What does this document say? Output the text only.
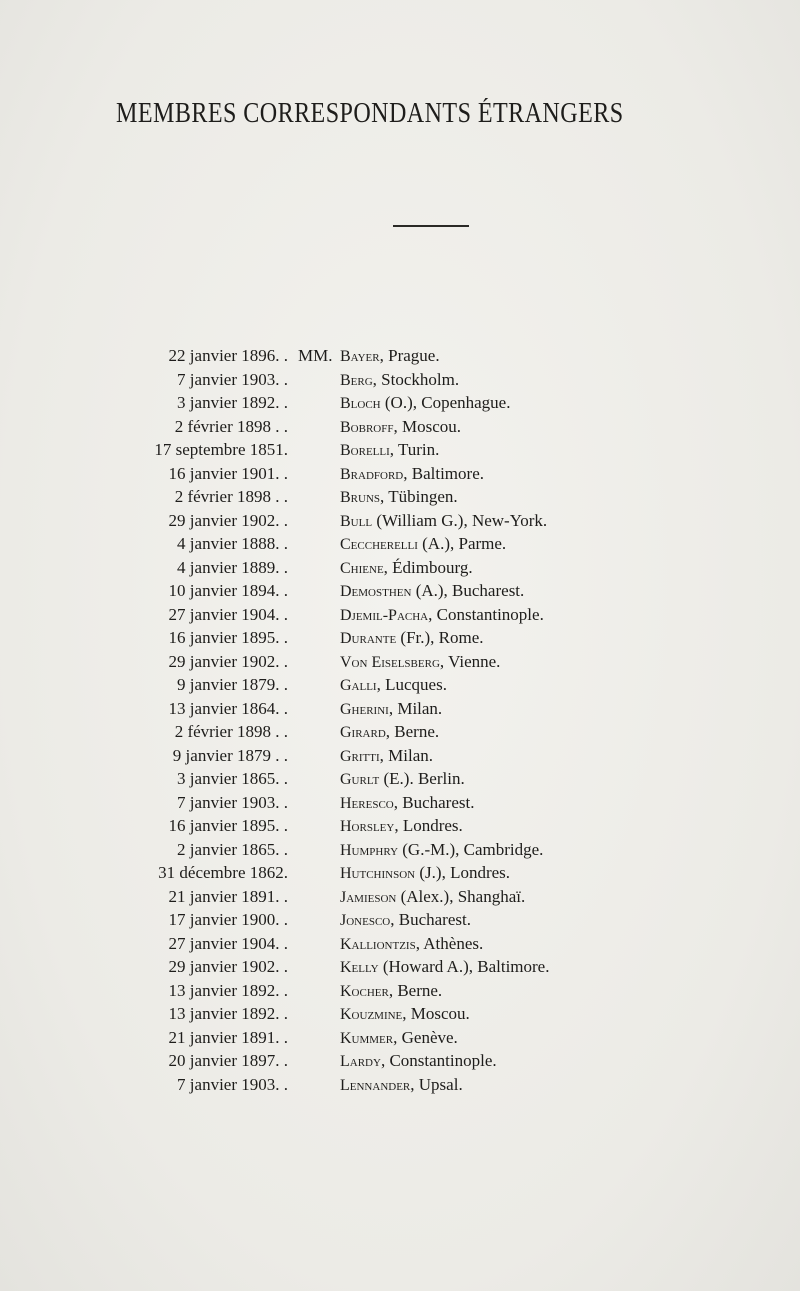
MEMBRES CORRESPONDANTS ÉTRANGERS
22 janvier 1896. . MM. Bayer, Prague.
7 janvier 1903. .	Berg, Stockholm.
3 janvier 1892. .	Bloch (O.), Copenhague.
2 février 1898 . .	Bobroff, Moscou.
17 septembre 1851.	Borelli, Turin.
16 janvier 1901. .	Bradford, Baltimore.
2 février 1898 . .	Bruns, Tübingen.
29 janvier 1902. .	Bull (William G.), New-York.
4 janvier 1888. .	Ceccherelli (A.), Parme.
4 janvier 1889. .	Chiene, Édimbourg.
10 janvier 1894. .	Demosthen (A.), Bucharest.
27 janvier 1904. .	Djemil-Pacha, Constantinople.
16 janvier 1895. .	Durante (Fr.), Rome.
29 janvier 1902. .	Von Eiselsberg, Vienne.
9 janvier 1879. .	Galli, Lucques.
13 janvier 1864. .	Gherini, Milan.
2 février 1898 . .	Girard, Berne.
9 janvier 1879 . .	Gritti, Milan.
3 janvier 1865. .	Gurlt (E.). Berlin.
7 janvier 1903. .	Heresco, Bucharest.
16 janvier 1895. .	Horsley, Londres.
2 janvier 1865. .	Humphry (G.-M.), Cambridge.
31 décembre 1862.	Hutchinson (J.), Londres.
21 janvier 1891. .	Jamieson (Alex.), Shanghaï.
17 janvier 1900. .	Jonesco, Bucharest.
27 janvier 1904. .	Kalliontzis, Athènes.
29 janvier 1902. .	Kelly (Howard A.), Baltimore.
13 janvier 1892. .	Kocher, Berne.
13 janvier 1892. .	Kouzmine, Moscou.
21 janvier 1891. .	Kummer, Genève.
20 janvier 1897. .	Lardy, Constantinople.
7 janvier 1903. .	Lennander, Upsal.
